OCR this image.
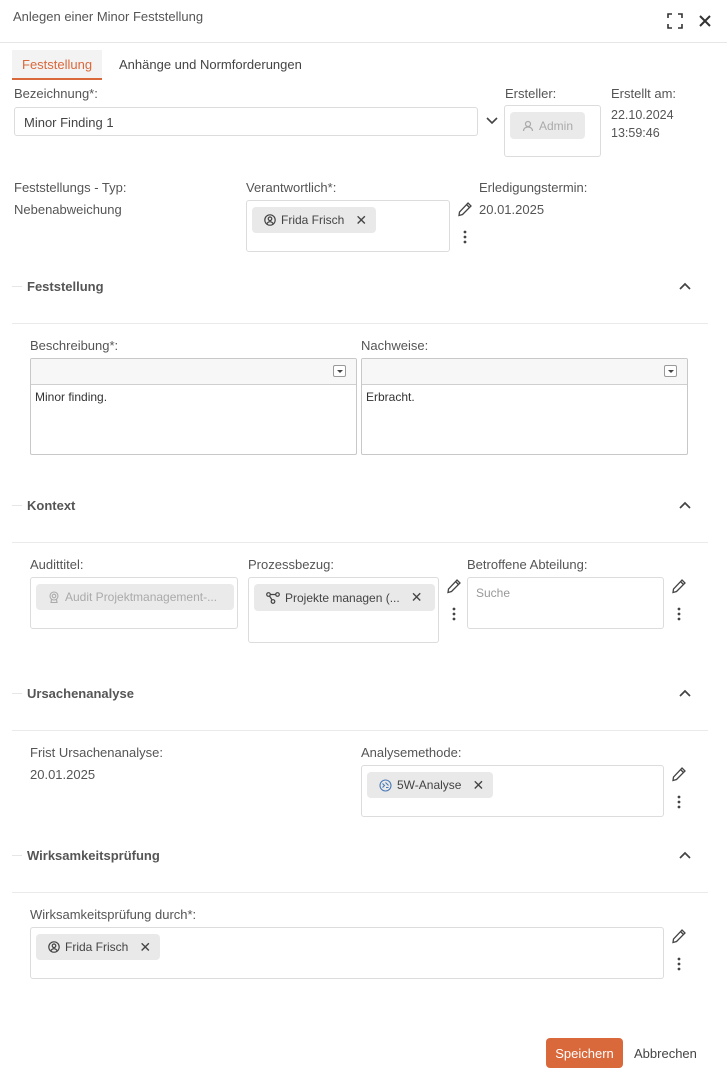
Anlegen einer Minor Feststellung
Feststellung	Anhänge und Normforderungen
Bezeichnung*:
Minor Finding 1
Ersteller:
Admin
Erstellt am:
22.10.2024
13:59:46
Feststellungs - Typ:
Nebenabweichung
Verantwortlich*:
Frida Frisch ✕
Erledigungstermin:
20.01.2025
Feststellung
Beschreibung*:
Minor finding.
Nachweise:
Erbracht.
Kontext
Audittitel:
Audit Projektmanagement-...
Prozessbezug:
Projekte managen (... ✕
Betroffene Abteilung:
Suche
Ursachenanalyse
Frist Ursachenanalyse:
20.01.2025
Analysemethode:
5W-Analyse ✕
Wirksamkeitsprüfung
Wirksamkeitsprüfung durch*:
Frida Frisch ✕
Speichern	Abbrechen
